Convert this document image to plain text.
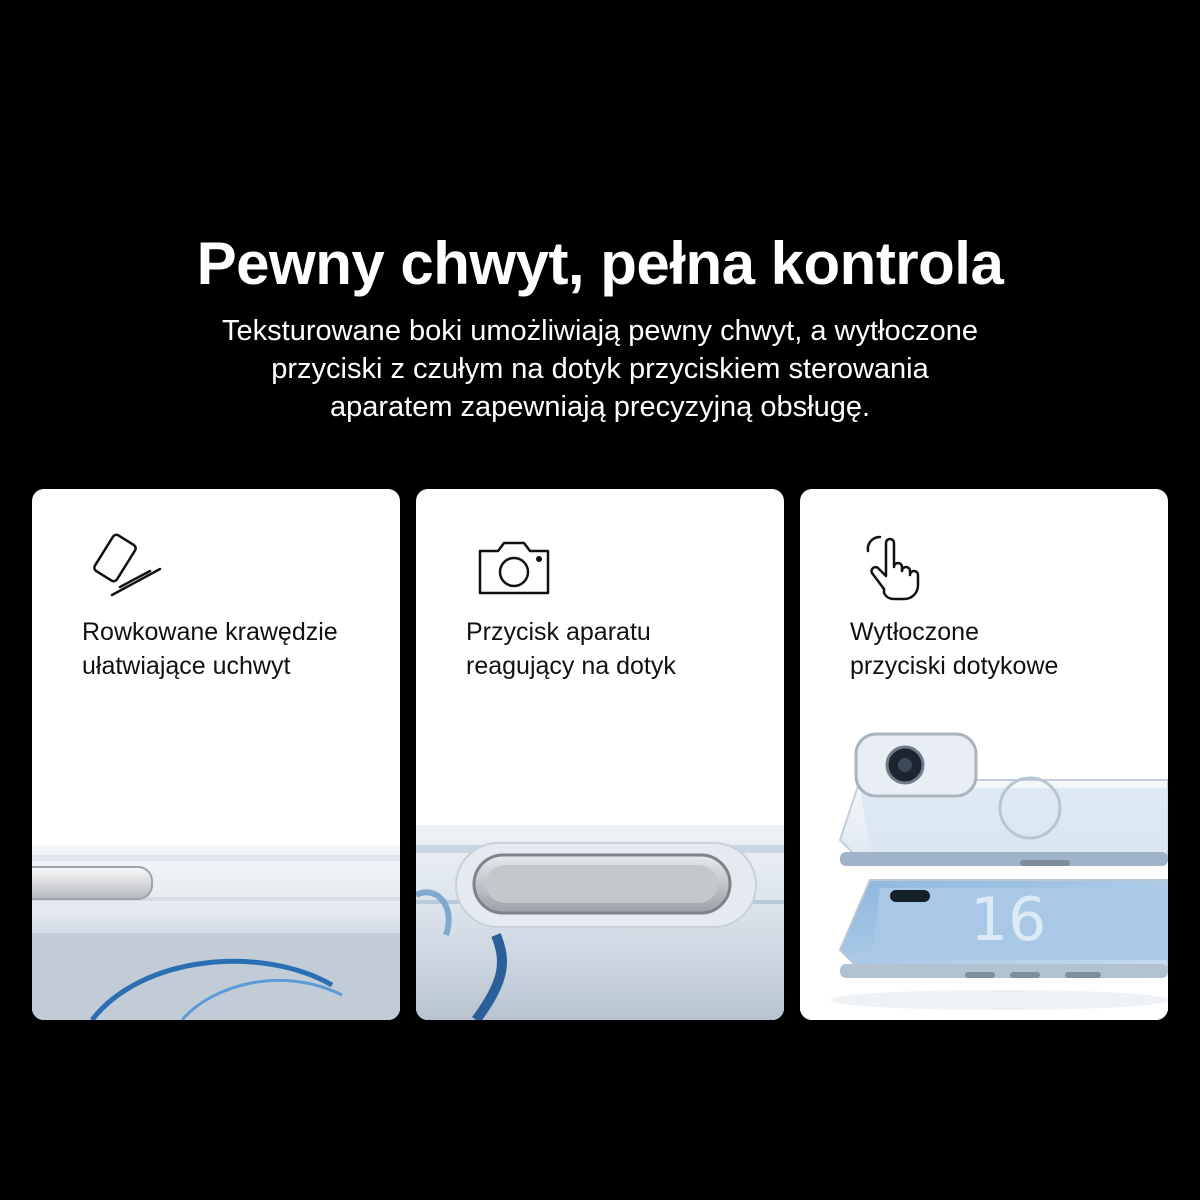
Pewny chwyt, pełna kontrola
Teksturowane boki umożliwiają pewny chwyt, a wytłoczone
przyciski z czułym na dotyk przyciskiem sterowania
aparatem zapewniają precyzyjną obsługę.
Rowkowane krawędzie
ułatwiające uchwyt
Przycisk aparatu
reagujący na dotyk
Wytłoczone
przyciski dotykowe
16
